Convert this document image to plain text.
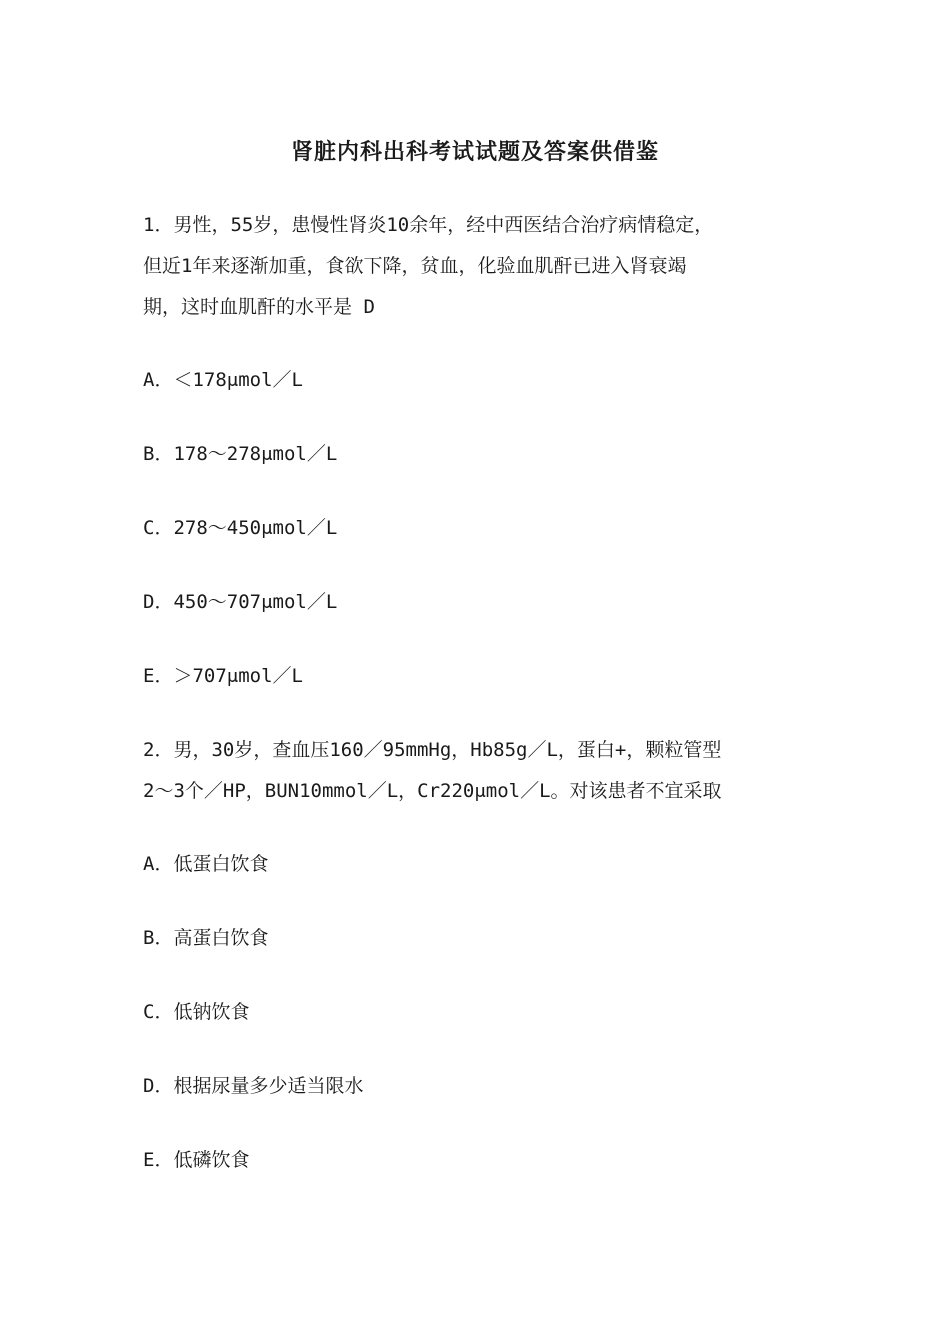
肾脏内科出科考试试题及答案供借鉴
1．男性，55岁，患慢性肾炎10余年，经中西医结合治疗病情稳定，
但近1年来逐渐加重，食欲下降，贫血，化验血肌酐已进入肾衰竭
期，这时血肌酐的水平是 D
A．＜178μmol／L
B．178～278μmol／L
C．278～450μmol／L
D．450～707μmol／L
E．＞707μmol／L
2．男，30岁，查血压160／95mmHg，Hb85g／L，蛋白+，颗粒管型
2～3个／HP，BUN10mmol／L，Cr220μmol／L。对该患者不宜采取
A．低蛋白饮食
B．高蛋白饮食
C．低钠饮食
D．根据尿量多少适当限水
E．低磷饮食
